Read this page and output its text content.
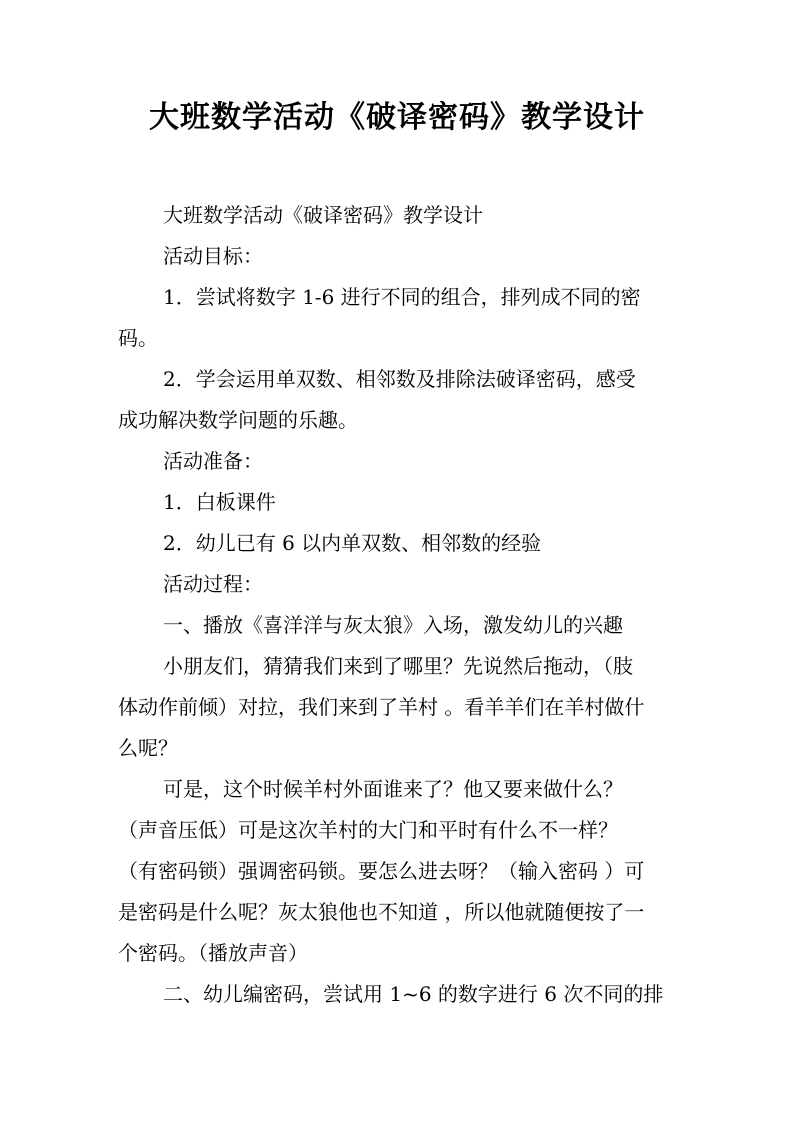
大班数学活动《破译密码》教学设计
大班数学活动《破译密码》教学设计
活动目标：
1．尝试将数字 1-6 进行不同的组合，排列成不同的密
码。
2．学会运用单双数、相邻数及排除法破译密码，感受
成功解决数学问题的乐趣。
活动准备：
1．白板课件
2．幼儿已有 6 以内单双数、相邻数的经验
活动过程：
一、播放《喜洋洋与灰太狼》入场，激发幼儿的兴趣
小朋友们，猜猜我们来到了哪里？先说然后拖动，（肢
体动作前倾）对拉，我们来到了羊村 。看羊羊们在羊村做什
么呢？
可是，这个时候羊村外面谁来了？他又要来做什么？
（声音压低）可是这次羊村的大门和平时有什么不一样？
（有密码锁）强调密码锁。要怎么进去呀？（输入密码 ）可
是密码是什么呢？灰太狼他也不知道 ，所以他就随便按了一
个密码。（播放声音）
二、幼儿编密码，尝试用 1~6 的数字进行 6 次不同的排
